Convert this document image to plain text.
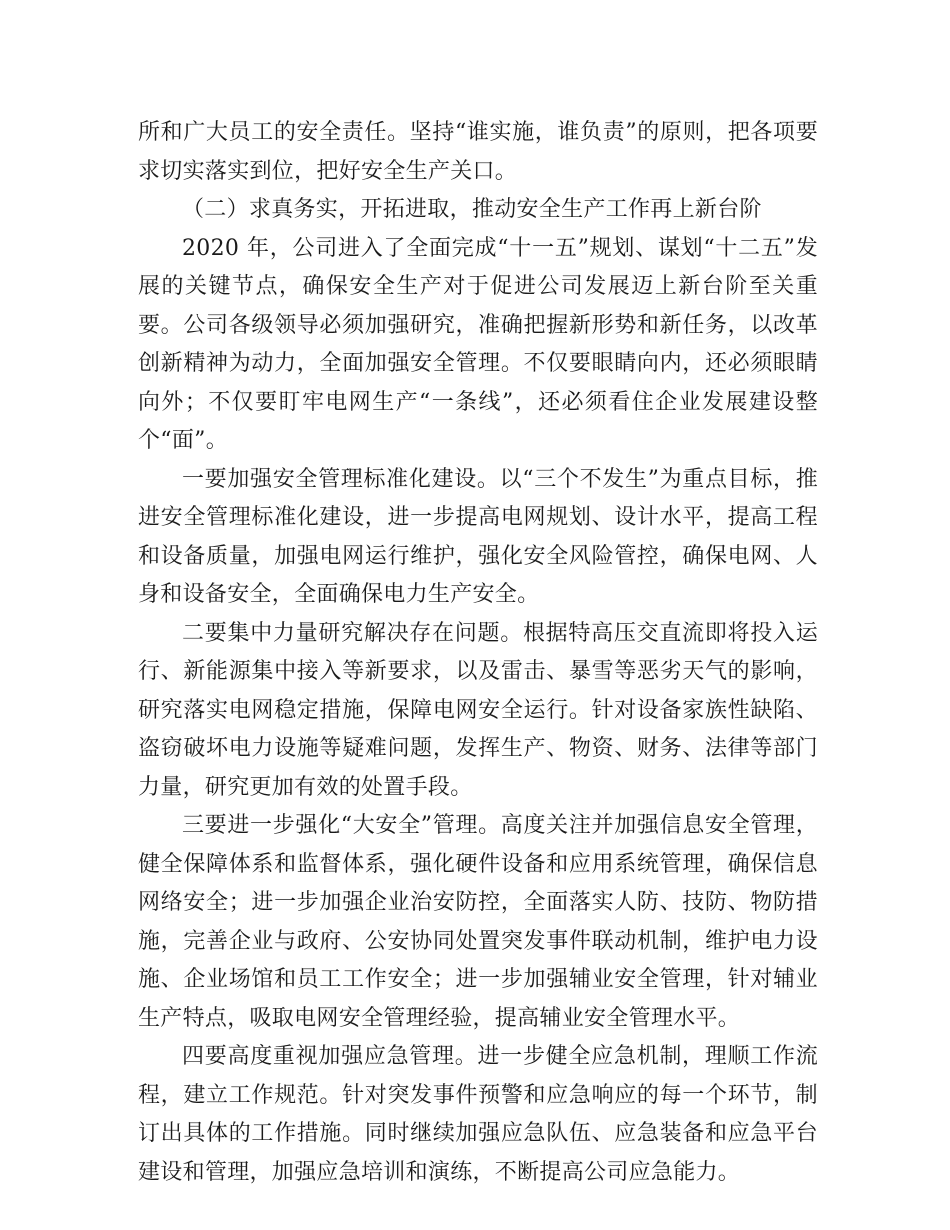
所和广大员工的安全责任。坚持“谁实施，谁负责”的原则，把各项要求切实落实到位，把好安全生产关口。

（二）求真务实，开拓进取，推动安全生产工作再上新台阶

2020 年，公司进入了全面完成“十一五”规划、谋划“十二五”发展的关键节点，确保安全生产对于促进公司发展迈上新台阶至关重要。公司各级领导必须加强研究，准确把握新形势和新任务，以改革创新精神为动力，全面加强安全管理。不仅要眼睛向内，还必须眼睛向外；不仅要盯牢电网生产“一条线”，还必须看住企业发展建设整个“面”。

一要加强安全管理标准化建设。以“三个不发生”为重点目标，推进安全管理标准化建设，进一步提高电网规划、设计水平，提高工程和设备质量，加强电网运行维护，强化安全风险管控，确保电网、人身和设备安全，全面确保电力生产安全。

二要集中力量研究解决存在问题。根据特高压交直流即将投入运行、新能源集中接入等新要求，以及雷击、暴雪等恶劣天气的影响，研究落实电网稳定措施，保障电网安全运行。针对设备家族性缺陷、盗窃破坏电力设施等疑难问题，发挥生产、物资、财务、法律等部门力量，研究更加有效的处置手段。

三要进一步强化“大安全”管理。高度关注并加强信息安全管理，健全保障体系和监督体系，强化硬件设备和应用系统管理，确保信息网络安全；进一步加强企业治安防控，全面落实人防、技防、物防措施，完善企业与政府、公安协同处置突发事件联动机制，维护电力设施、企业场馆和员工工作安全；进一步加强辅业安全管理，针对辅业生产特点，吸取电网安全管理经验，提高辅业安全管理水平。

四要高度重视加强应急管理。进一步健全应急机制，理顺工作流程，建立工作规范。针对突发事件预警和应急响应的每一个环节，制订出具体的工作措施。同时继续加强应急队伍、应急装备和应急平台建设和管理，加强应急培训和演练，不断提高公司应急能力。
